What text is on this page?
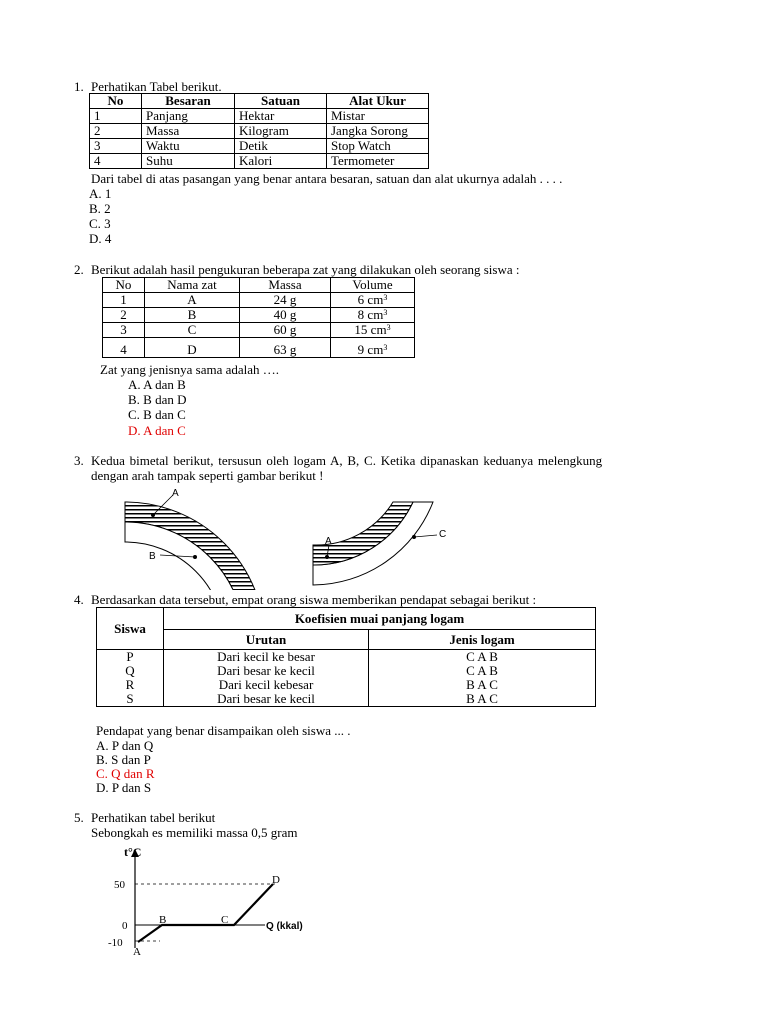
1. Perhatikan Tabel berikut.
No	Besaran	Satuan	Alat Ukur
1	Panjang	Hektar	Mistar
2	Massa	Kilogram	Jangka Sorong
3	Waktu	Detik	Stop Watch
4	Suhu	Kalori	Termometer
Dari tabel di atas pasangan yang benar antara besaran, satuan dan alat ukurnya adalah . . . .
A. 1
B. 2
C. 3
D. 4
2. Berikut adalah hasil pengukuran beberapa zat yang dilakukan oleh seorang siswa :
No	Nama zat	Massa	Volume
1	A	24 g	6 $cm^3$
2	B	40 g	8 $cm^3$
3	C	60 g	15 $cm^3$
4	D	63 g	9 $cm^3$
Zat yang jenisnya sama adalah ….
A. A dan B
B. B dan D
C. B dan C
D. A dan C
3. Kedua bimetal berikut, tersusun oleh logam A, B, C. Ketika dipanaskan keduanya melengkung
dengan arah tampak seperti gambar berikut !
A
B
A
C
4. Berdasarkan data tersebut, empat orang siswa memberikan pendapat sebagai berikut :
Siswa	Koefisien muai panjang logam	
	Urutan	Jenis logam
P	Dari kecil ke besar	C A B
Q	Dari besar ke kecil	C A B
R	Dari kecil kebesar	B A C
S	Dari besar ke kecil	B A C
Pendapat yang benar disampaikan oleh siswa ... .
A. P dan Q
B. S dan P
C. Q dan R
D. P dan S
5. Perhatikan tabel berikut
Sebongkah es memiliki massa 0,5 gram
t°C
50
0
-10
A
B	C
D
Q (kkal)
